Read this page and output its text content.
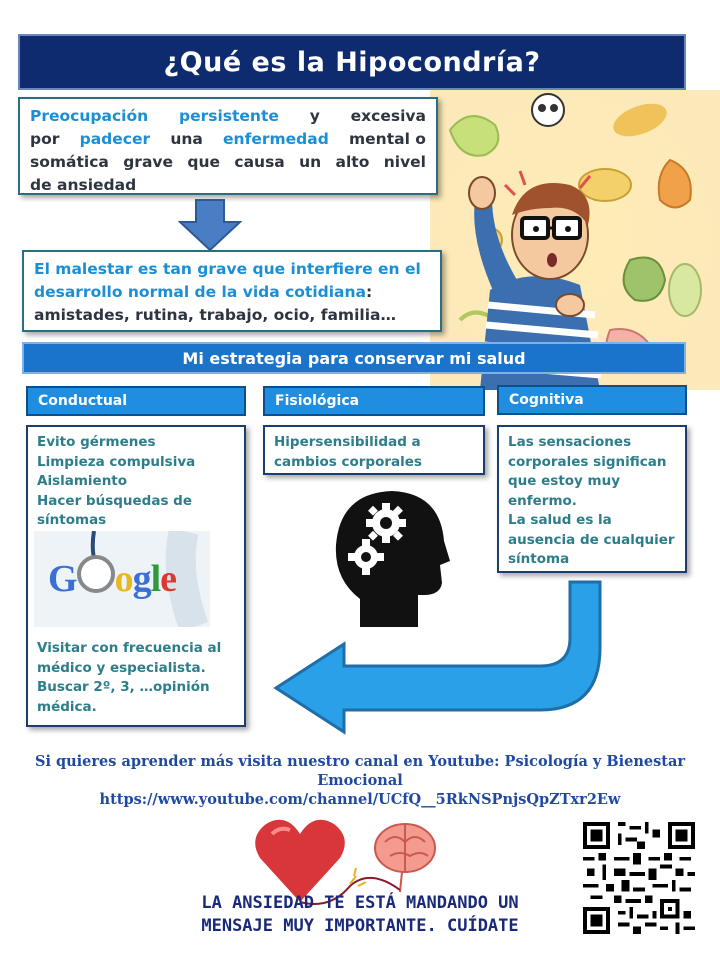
¿Qué es la Hipocondría?
Preocupación persistente y excesiva
por padecer una enfermedad mental o
somática grave que causa un alto nivel
de ansiedad
El malestar es tan grave que interfiere en el desarrollo normal de la vida cotidiana: amistades, rutina, trabajo, ocio, familia…
Mi estrategia para conservar mi salud
Conductual	Fisiológica	Cognitiva
Evito gérmenes
Limpieza compulsiva
Aislamiento
Hacer búsquedas de síntomas
G ogle
Visitar con frecuencia al médico y especialista.
Buscar 2º, 3, …opinión médica.
Hipersensibilidad a cambios corporales
Las sensaciones corporales significan que estoy muy enfermo.
La salud es la ausencia de cualquier síntoma
Si quieres aprender más visita nuestro canal en Youtube: Psicología y Bienestar Emocional
https://www.youtube.com/channel/UCfQ__5RkNSPnjsQpZTxr2Ew
LA ANSIEDAD TE ESTÁ MANDANDO UN
MENSAJE MUY IMPORTANTE. CUÍDATE
